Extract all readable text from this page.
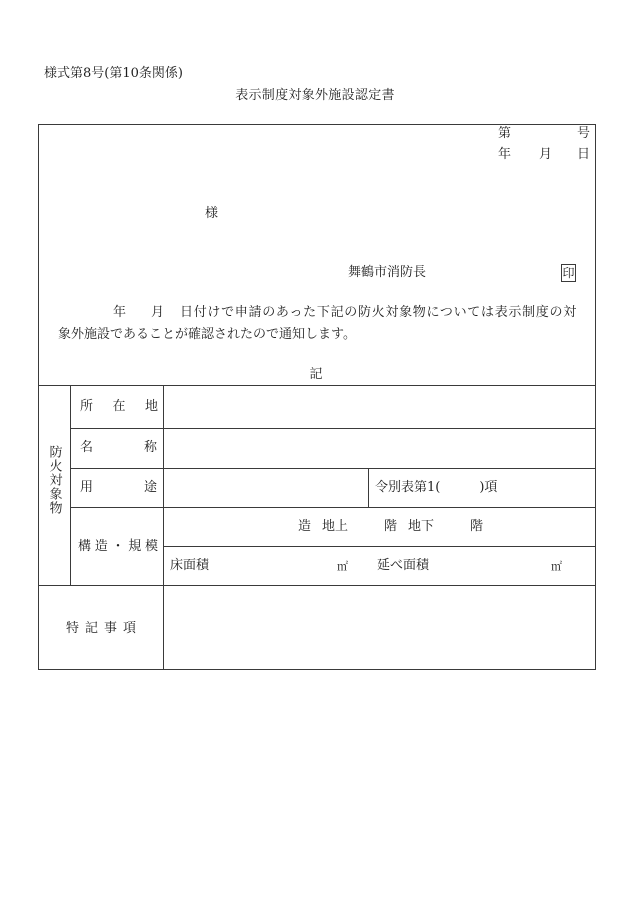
様式第8号(第10条関係)
表示制度対象外施設認定書
第	号
年 月 日
様
舞鶴市消防長	印
年 月 日付けで申請のあった下記の防火対象物については表示制度の対
象外施設であることが確認されたので通知します。
記
防火対象物
所　在　地
名　　　称
用　　　途	令別表第1(　　　)項
構造・規模
造 地上	階 地下	階
床面積	㎡ 延べ面積	㎡
特記事項
